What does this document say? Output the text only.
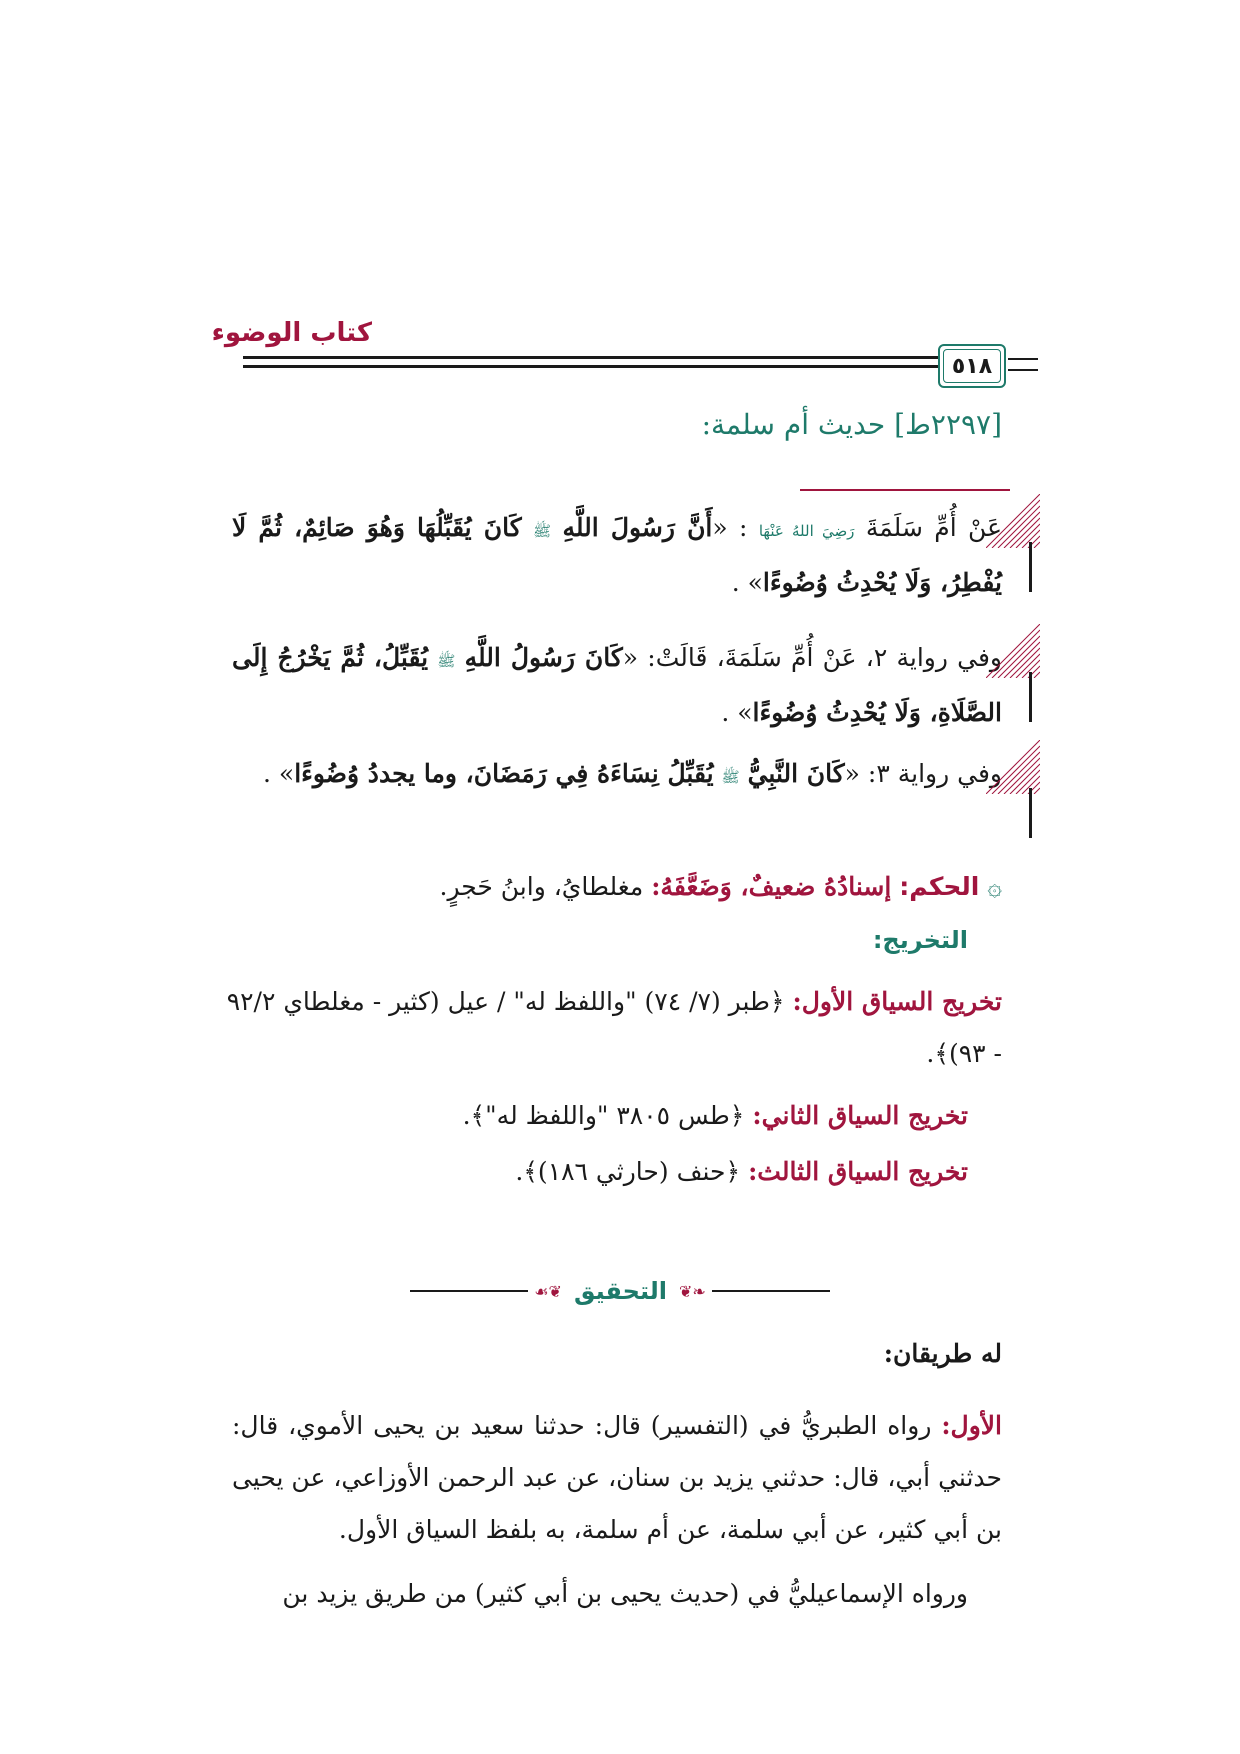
كتاب الوضوء
٥١٨
[٢٢٩٧ط] حديث أم سلمة:
عَنْ أُمِّ سَلَمَةَ رَضِيَ اللهُ عَنْهَا : «أَنَّ رَسُولَ اللَّهِ ﷺ كَانَ يُقَبِّلُهَا وَهُوَ صَائِمٌ، ثُمَّ لَا يُفْطِرُ، وَلَا يُحْدِثُ وُضُوءًا» .
وفي رواية ٢، عَنْ أُمِّ سَلَمَةَ، قَالَتْ: «كَانَ رَسُولُ اللَّهِ ﷺ يُقَبِّلُ، ثُمَّ يَخْرُجُ إِلَى الصَّلَاةِ، وَلَا يُحْدِثُ وُضُوءًا» .
وفي رواية ٣: «كَانَ النَّبِيُّ ﷺ يُقَبِّلُ نِسَاءَهُ فِي رَمَضَانَ، وما يجددُ وُضُوءًا» .
۞ الحكم: إسنادُهُ ضعيفٌ، وَضَعَّفَهُ: مغلطايُ، وابنُ حَجرٍ.
التخريج:
تخريج السياق الأول: ﴿طبر (٧/ ٧٤) "واللفظ له" / عيل (كثير - مغلطاي ٩٢/٢ - ٩٣)﴾.
تخريج السياق الثاني: ﴿طس ٣٨٠٥ "واللفظ له"﴾.
تخريج السياق الثالث: ﴿حنف (حارثي ١٨٦)﴾.
❧❦
التحقيق
❦☙
له طريقان:
الأول: رواه الطبريُّ في (التفسير) قال: حدثنا سعيد بن يحيى الأموي، قال: حدثني أبي، قال: حدثني يزيد بن سنان، عن عبد الرحمن الأوزاعي، عن يحيى بن أبي كثير، عن أبي سلمة، عن أم سلمة، به بلفظ السياق الأول.
ورواه الإسماعيليُّ في (حديث يحيى بن أبي كثير) من طريق يزيد بن
